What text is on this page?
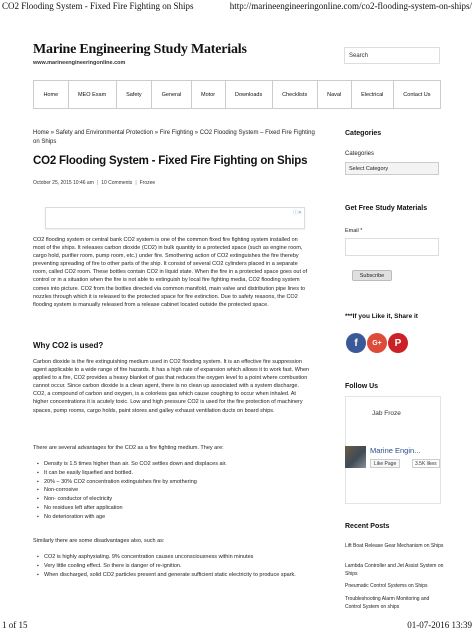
CO2 Flooding System - Fixed Fire Fighting on Ships	http://marineengineeringonline.com/co2-flooding-system-on-ships/
Marine Engineering Study Materials
www.marineengineeringonline.com
Search
Home	MEO Exam	Safety	General	Motor	Downloads	Checklists	Naval	Electrical	Contact Us
Home » Safety and Environmental Protection » Fire Fighting » CO2 Flooding System – Fixed Fire Fighting on Ships
CO2 Flooding System - Fixed Fire Fighting on Ships
October 25, 2015 10:46 am | 10 Comments | Frozee
ⓘ✕

CO2 flooding system or central bank CO2 system is one of the common fixed fire fighting system installed on most of the ships. It releases carbon dioxide (CO2) in bulk quantity to a protected space (such as engine room, cargo hold, purifier room, pump room, etc.) under fire. Smothering action of CO2 extinguishes the fire thereby preventing spreading of fire to other parts of the ship. It consist of several CO2 cylinders placed in a separate room, called CO2 room. These bottles contain CO2 in liquid state. When the fire in a protected space goes out of control or in a situation when the fire is not able to extinguish by local fire fighting media, CO2 flooding system comes into picture. CO2 from the bottles directed via common manifold, main valve and distribution pipe lines to nozzles through which it is released to the protected space for fire extinction. Due to safety reasons, the CO2 flooding system is manually released from a release cabinet located outside the protected space.

Why CO2 is used?

Carbon dioxide is the fire extinguishing medium used in CO2 flooding system. It is an effective fire suppression agent applicable to a wide range of fire hazards. It has a high rate of expansion which allows it to work fast. When applied to a fire, CO2 provides a heavy blanket of gas that reduces the oxygen level to a point where combustion cannot occur. Since carbon dioxide is a clean agent, there is no clean up associated with a system discharge. CO2, a compound of carbon and oxygen, is a colorless gas which cause coughing to occur when inhaled. At higher concentrations it is acutely toxic. Low and high pressure CO2 is used for the fire protection of machinery spaces, pump rooms, cargo holds, paint stores and galley exhaust ventilation ducts on board ships.

There are several advantages for the CO2 as a fire fighting medium. They are:

▪ Density is 1.5 times higher than air. So CO2 settles down and displaces air.
▪ It can be easily liquefied and bottled.
▪ 20% – 30% CO2 concentration extinguishes fire by smothering
▪ Non-corrosive
▪ Non- conductor of electricity
▪ No residues left after application
▪ No deterioration with age

Similarly there are some disadvantages also, such as:

▪ CO2 is highly asphyxiating. 9% concentration causes unconsciousness within minutes
▪ Very little cooling effect. So there is danger of re-ignition.
▪ When discharged, solid CO2 particles present and generate sufficient static electricity to produce spark.
Categories
Categories
Select Category
Get Free Study Materials
Email *
Subscribe
***If you Like it, Share it
f	G+	P
Follow Us
Jab Froze
Marine Engin...
Like Page	3.5K likes
Recent Posts
Lift Boat Release Gear Mechanism on Ships
Lambda Controller and Jet Assist System on Ships
Pneumatic Control Systems on Ships
Troubleshooting Alarm Monitoring and Control System on ships
1 of 15	01-07-2016 13:39
